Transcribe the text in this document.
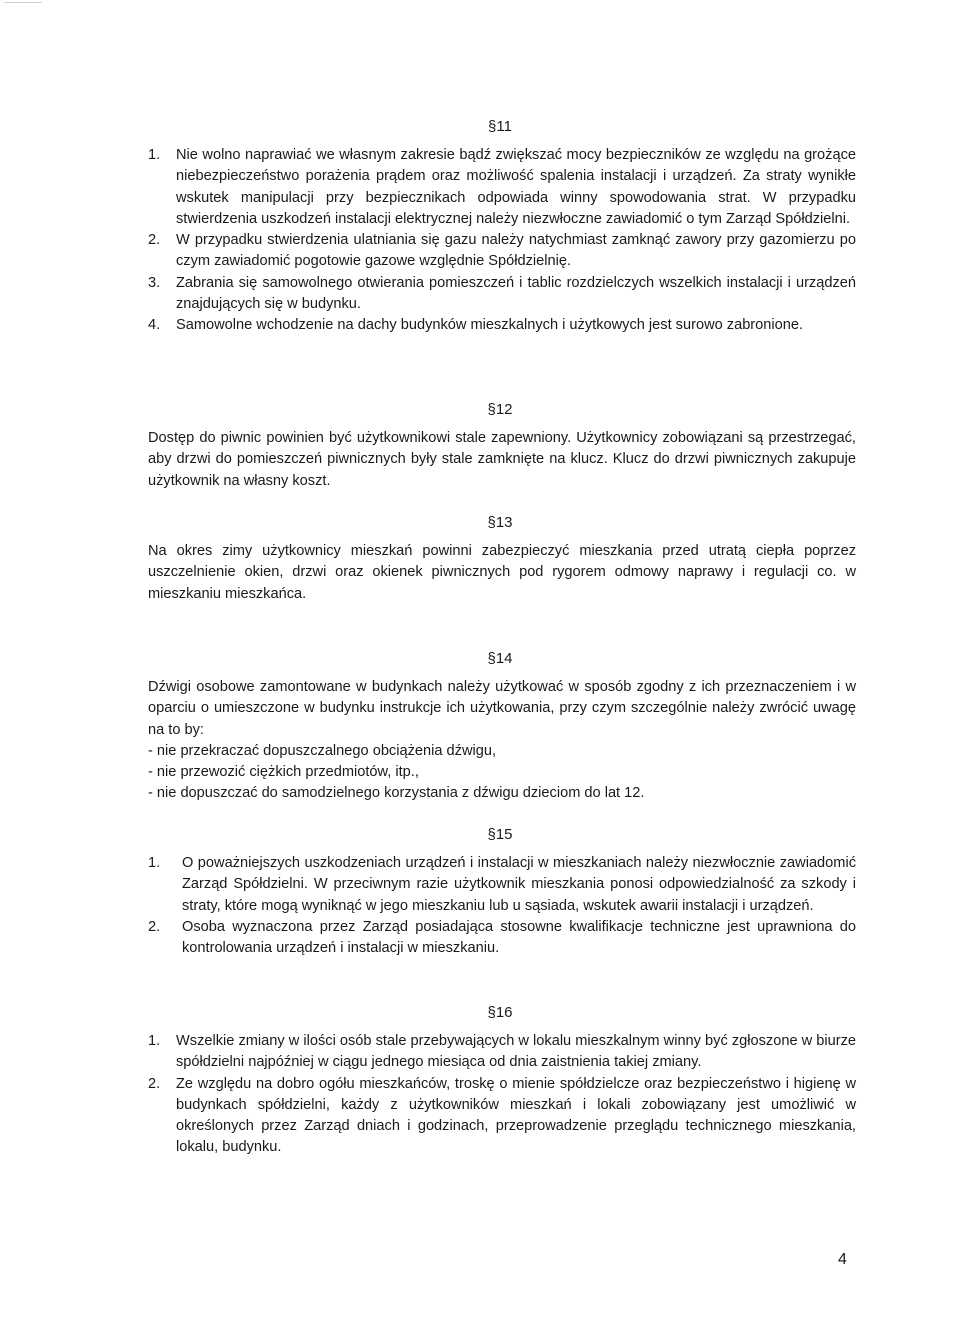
§11
1. Nie wolno naprawiać we własnym zakresie bądź zwiększać mocy bezpieczników ze względu na grożące niebezpieczeństwo porażenia prądem oraz możliwość spalenia instalacji i urządzeń. Za straty wynikłe wskutek manipulacji przy bezpiecznikach odpowiada winny spowodowania strat. W przypadku stwierdzenia uszkodzeń instalacji elektrycznej należy niezwłoczne zawiadomić o tym Zarząd Spółdzielni.
2. W przypadku stwierdzenia ulatniania się gazu należy natychmiast zamknąć zawory przy gazomierzu po czym zawiadomić pogotowie gazowe względnie Spółdzielnię.
3. Zabrania się samowolnego otwierania pomieszczeń i tablic rozdzielczych wszelkich instalacji i urządzeń znajdujących się w budynku.
4. Samowolne wchodzenie na dachy budynków mieszkalnych i użytkowych jest surowo zabronione.
§12
Dostęp do piwnic powinien być użytkownikowi stale zapewniony. Użytkownicy zobowiązani są przestrzegać, aby drzwi do pomieszczeń piwnicznych były stale zamknięte na klucz. Klucz do drzwi piwnicznych zakupuje użytkownik na własny koszt.
§13
Na okres zimy użytkownicy mieszkań powinni zabezpieczyć mieszkania przed utratą ciepła poprzez uszczelnienie okien, drzwi oraz okienek piwnicznych pod rygorem odmowy naprawy i regulacji co. w mieszkaniu mieszkańca.
§14
Dźwigi osobowe zamontowane w budynkach należy użytkować w sposób zgodny z ich przeznaczeniem i w oparciu o umieszczone w budynku instrukcje ich użytkowania, przy czym szczególnie należy zwrócić uwagę na to by:
- nie przekraczać dopuszczalnego obciążenia dźwigu,
- nie przewozić ciężkich przedmiotów, itp.,
- nie dopuszczać do samodzielnego korzystania z dźwigu dzieciom do lat 12.
§15
1. O poważniejszych uszkodzeniach urządzeń i instalacji w mieszkaniach należy niezwłocznie zawiadomić Zarząd Spółdzielni. W przeciwnym razie użytkownik mieszkania ponosi odpowiedzialność za szkody i straty, które mogą wyniknąć w jego mieszkaniu lub u sąsiada, wskutek awarii instalacji i urządzeń.
2. Osoba wyznaczona przez Zarząd posiadająca stosowne kwalifikacje techniczne jest uprawniona do kontrolowania urządzeń i instalacji w mieszkaniu.
§16
1. Wszelkie zmiany w ilości osób stale przebywających w lokalu mieszkalnym winny być zgłoszone w biurze spółdzielni najpóźniej w ciągu jednego miesiąca od dnia zaistnienia takiej zmiany.
2. Ze względu na dobro ogółu mieszkańców, troskę o mienie spółdzielcze oraz bezpieczeństwo i higienę w budynkach spółdzielni, każdy z użytkowników mieszkań i lokali zobowiązany jest umożliwić w określonych przez Zarząd dniach i godzinach, przeprowadzenie przeglądu technicznego mieszkania, lokalu, budynku.
4
